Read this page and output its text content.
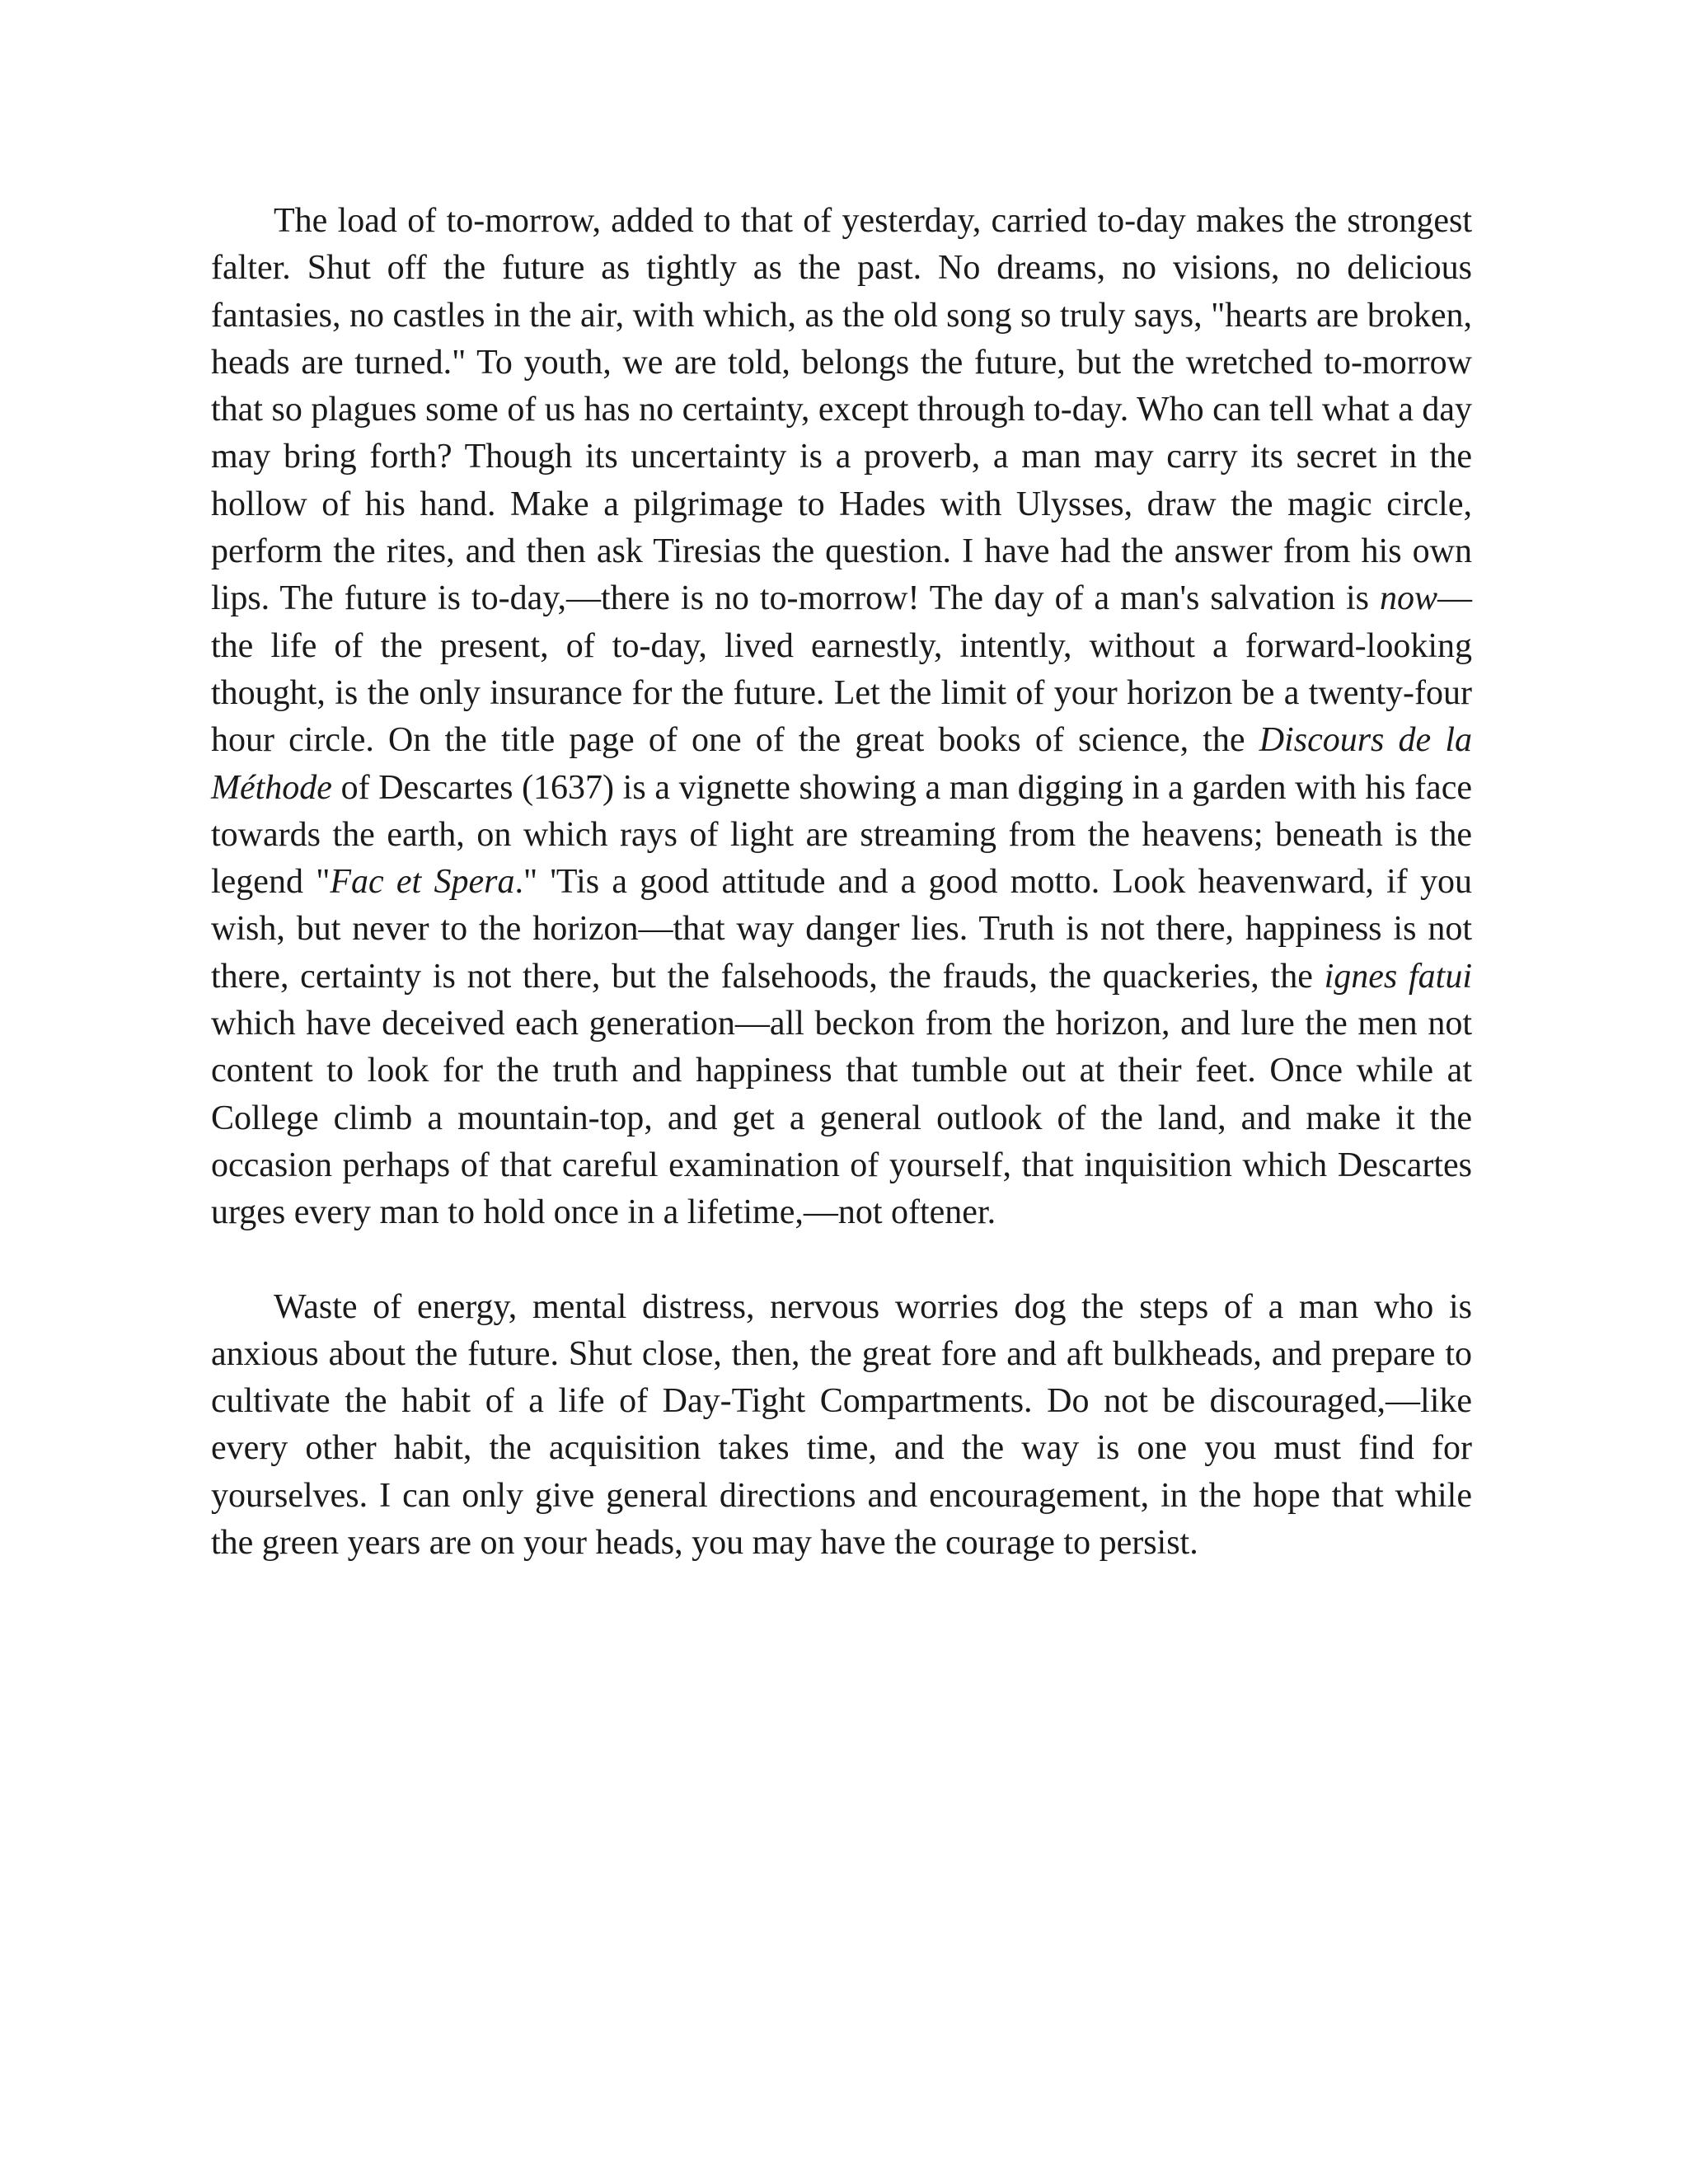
The load of to-morrow, added to that of yesterday, carried to-day makes the strongest falter. Shut off the future as tightly as the past. No dreams, no visions, no delicious fantasies, no castles in the air, with which, as the old song so truly says, "hearts are broken, heads are turned." To youth, we are told, belongs the future, but the wretched to-morrow that so plagues some of us has no certainty, except through to-day. Who can tell what a day may bring forth? Though its uncertainty is a proverb, a man may carry its secret in the hollow of his hand. Make a pilgrimage to Hades with Ulysses, draw the magic circle, perform the rites, and then ask Tiresias the question. I have had the answer from his own lips. The future is to-day,—there is no to-morrow! The day of a man's salvation is now—the life of the present, of to-day, lived earnestly, intently, without a forward-looking thought, is the only insurance for the future. Let the limit of your horizon be a twenty-four hour circle. On the title page of one of the great books of science, the Discours de la Méthode of Descartes (1637) is a vignette showing a man digging in a garden with his face towards the earth, on which rays of light are streaming from the heavens; beneath is the legend "Fac et Spera." 'Tis a good attitude and a good motto. Look heavenward, if you wish, but never to the horizon—that way danger lies. Truth is not there, happiness is not there, certainty is not there, but the falsehoods, the frauds, the quackeries, the ignes fatui which have deceived each generation—all beckon from the horizon, and lure the men not content to look for the truth and happiness that tumble out at their feet. Once while at College climb a mountain-top, and get a general outlook of the land, and make it the occasion perhaps of that careful examination of yourself, that inquisition which Descartes urges every man to hold once in a lifetime,—not oftener.

Waste of energy, mental distress, nervous worries dog the steps of a man who is anxious about the future. Shut close, then, the great fore and aft bulkheads, and prepare to cultivate the habit of a life of Day-Tight Compartments. Do not be discouraged,—like every other habit, the acquisition takes time, and the way is one you must find for yourselves. I can only give general directions and encouragement, in the hope that while the green years are on your heads, you may have the courage to persist.
